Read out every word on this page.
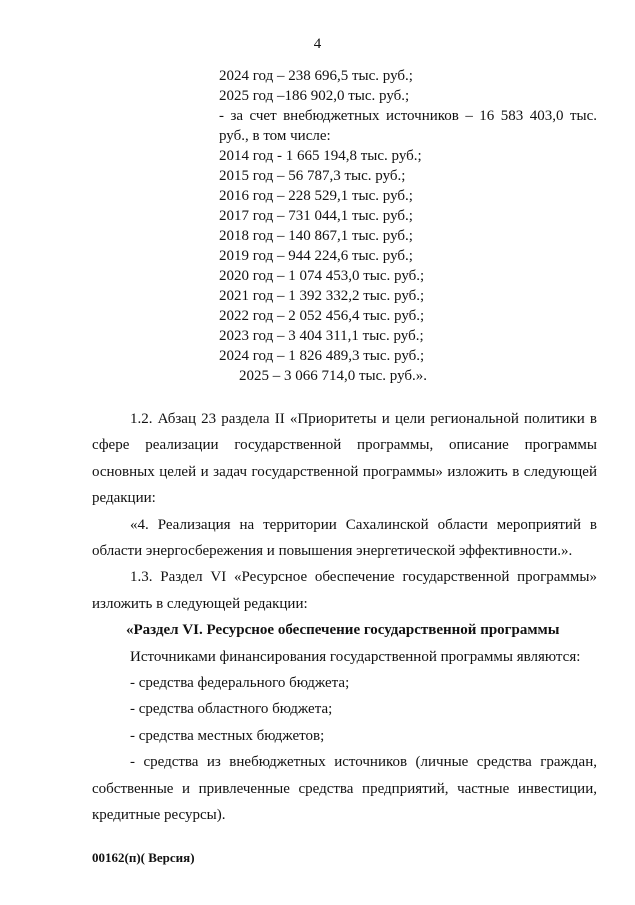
4
2024 год – 238 696,5 тыс. руб.;
2025 год –186 902,0 тыс. руб.;
- за счет внебюджетных источников – 16 583 403,0 тыс.
руб., в том числе:
2014 год - 1 665 194,8 тыс. руб.;
2015 год – 56 787,3 тыс. руб.;
2016 год – 228 529,1 тыс. руб.;
2017 год – 731 044,1 тыс. руб.;
2018 год – 140 867,1 тыс. руб.;
2019 год – 944 224,6 тыс. руб.;
2020 год – 1 074 453,0 тыс. руб.;
2021 год – 1 392 332,2 тыс. руб.;
2022 год – 2 052 456,4 тыс. руб.;
2023 год – 3 404 311,1 тыс. руб.;
2024 год – 1 826 489,3 тыс. руб.;
2025 – 3 066 714,0 тыс. руб.».
1.2. Абзац 23 раздела II «Приоритеты и цели региональной политики в сфере реализации государственной программы, описание программы основных целей и задач государственной программы» изложить в следующей редакции:
«4. Реализация на территории Сахалинской области мероприятий в области энергосбережения и повышения энергетической эффективности.».
1.3. Раздел VI «Ресурсное обеспечение государственной программы» изложить в следующей редакции:
«Раздел VI. Ресурсное обеспечение государственной программы
Источниками финансирования государственной программы являются:
- средства федерального бюджета;
- средства областного бюджета;
- средства местных бюджетов;
- средства из внебюджетных источников (личные средства граждан, собственные и привлеченные средства предприятий, частные инвестиции, кредитные ресурсы).
00162(п)( Версия)
